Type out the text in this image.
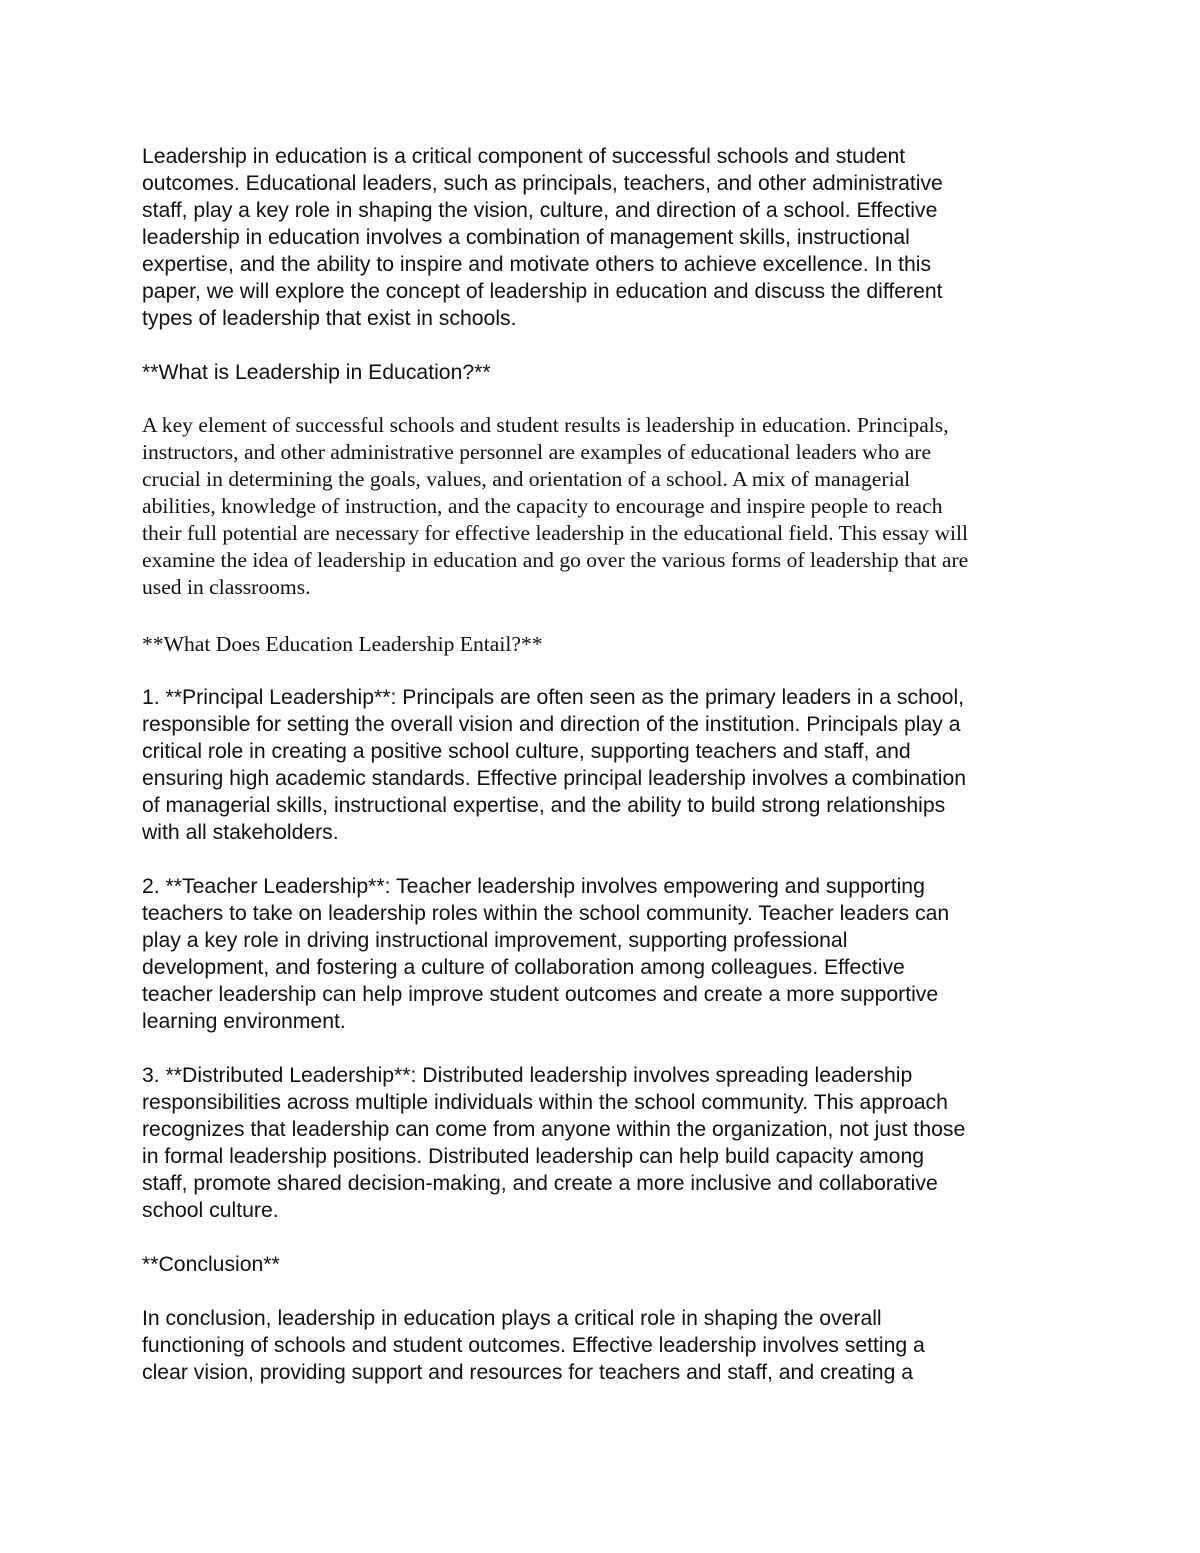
Leadership in education is a critical component of successful schools and student
outcomes. Educational leaders, such as principals, teachers, and other administrative
staff, play a key role in shaping the vision, culture, and direction of a school. Effective
leadership in education involves a combination of management skills, instructional
expertise, and the ability to inspire and motivate others to achieve excellence. In this
paper, we will explore the concept of leadership in education and discuss the different
types of leadership that exist in schools.
**What is Leadership in Education?**
A key element of successful schools and student results is leadership in education. Principals,
instructors, and other administrative personnel are examples of educational leaders who are
crucial in determining the goals, values, and orientation of a school. A mix of managerial
abilities, knowledge of instruction, and the capacity to encourage and inspire people to reach
their full potential are necessary for effective leadership in the educational field. This essay will
examine the idea of leadership in education and go over the various forms of leadership that are
used in classrooms.
**What Does Education Leadership Entail?**
1. **Principal Leadership**: Principals are often seen as the primary leaders in a school,
responsible for setting the overall vision and direction of the institution. Principals play a
critical role in creating a positive school culture, supporting teachers and staff, and
ensuring high academic standards. Effective principal leadership involves a combination
of managerial skills, instructional expertise, and the ability to build strong relationships
with all stakeholders.
2. **Teacher Leadership**: Teacher leadership involves empowering and supporting
teachers to take on leadership roles within the school community. Teacher leaders can
play a key role in driving instructional improvement, supporting professional
development, and fostering a culture of collaboration among colleagues. Effective
teacher leadership can help improve student outcomes and create a more supportive
learning environment.
3. **Distributed Leadership**: Distributed leadership involves spreading leadership
responsibilities across multiple individuals within the school community. This approach
recognizes that leadership can come from anyone within the organization, not just those
in formal leadership positions. Distributed leadership can help build capacity among
staff, promote shared decision-making, and create a more inclusive and collaborative
school culture.
**Conclusion**
In conclusion, leadership in education plays a critical role in shaping the overall
functioning of schools and student outcomes. Effective leadership involves setting a
clear vision, providing support and resources for teachers and staff, and creating a
